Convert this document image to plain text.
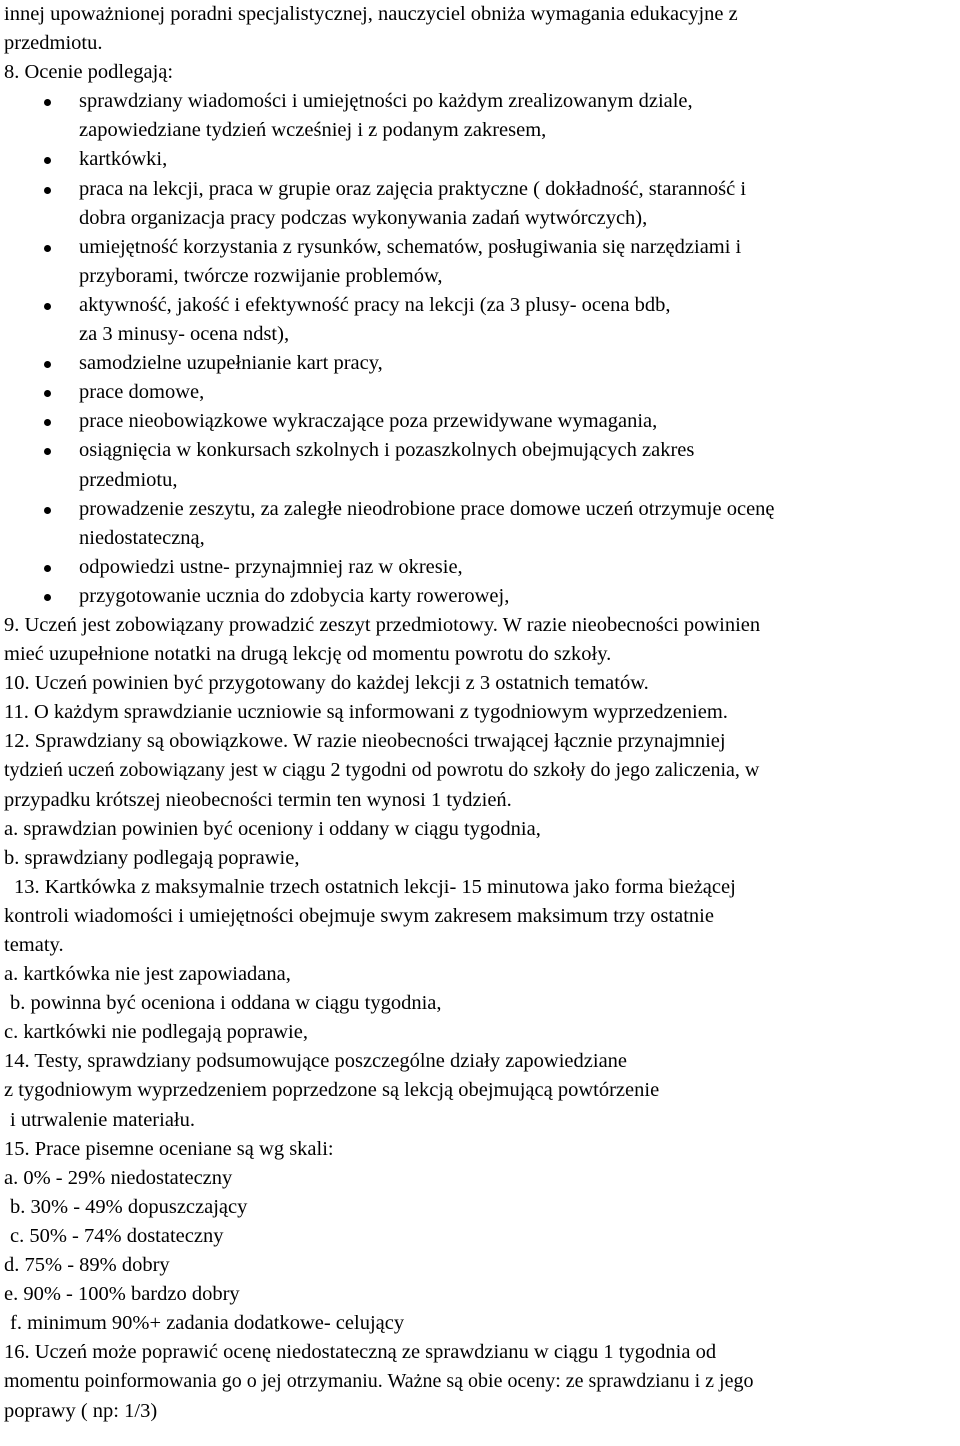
innej upoważnionej poradni specjalistycznej, nauczyciel obniża wymagania edukacyjne z
przedmiotu.
8. Ocenie podlegają:
sprawdziany wiadomości i umiejętności po każdym zrealizowanym dziale,
zapowiedziane tydzień wcześniej i z podanym zakresem,
kartkówki,
praca na lekcji, praca w grupie oraz zajęcia praktyczne ( dokładność, staranność i
dobra organizacja pracy podczas wykonywania zadań wytwórczych),
umiejętność korzystania z rysunków, schematów, posługiwania się narzędziami i
przyborami, twórcze rozwijanie problemów,
aktywność, jakość i efektywność pracy na lekcji (za 3 plusy- ocena bdb,
za 3 minusy- ocena ndst),
samodzielne uzupełnianie kart pracy,
prace domowe,
prace nieobowiązkowe wykraczające poza przewidywane wymagania,
osiągnięcia w konkursach szkolnych i pozaszkolnych obejmujących zakres
przedmiotu,
prowadzenie zeszytu, za zaległe nieodrobione prace domowe uczeń otrzymuje ocenę
niedostateczną,
odpowiedzi ustne- przynajmniej raz w okresie,
przygotowanie ucznia do zdobycia karty rowerowej,
9. Uczeń jest zobowiązany prowadzić zeszyt przedmiotowy. W razie nieobecności powinien
mieć uzupełnione notatki na drugą lekcję od momentu powrotu do szkoły.
10. Uczeń powinien być przygotowany do każdej lekcji z 3 ostatnich tematów.
11. O każdym sprawdzianie uczniowie są informowani z tygodniowym wyprzedzeniem.
12. Sprawdziany są obowiązkowe. W razie nieobecności trwającej łącznie przynajmniej
tydzień uczeń zobowiązany jest w ciągu 2 tygodni od powrotu do szkoły do jego zaliczenia, w
przypadku krótszej nieobecności termin ten wynosi 1 tydzień.
a. sprawdzian powinien być oceniony i oddany w ciągu tygodnia,
b. sprawdziany podlegają poprawie,
13. Kartkówka z maksymalnie trzech ostatnich lekcji- 15 minutowa jako forma bieżącej
kontroli wiadomości i umiejętności obejmuje swym zakresem maksimum trzy ostatnie
tematy.
a. kartkówka nie jest zapowiadana,
b. powinna być oceniona i oddana w ciągu tygodnia,
c. kartkówki nie podlegają poprawie,
14. Testy, sprawdziany podsumowujące poszczególne działy zapowiedziane
z tygodniowym wyprzedzeniem poprzedzone są lekcją obejmującą powtórzenie
i utrwalenie materiału.
15. Prace pisemne oceniane są wg skali:
a. 0% - 29% niedostateczny
b. 30% - 49% dopuszczający
c. 50% - 74% dostateczny
d. 75% - 89% dobry
e. 90% - 100% bardzo dobry
f. minimum 90%+ zadania dodatkowe- celujący
16. Uczeń może poprawić ocenę niedostateczną ze sprawdzianu w ciągu 1 tygodnia od
momentu poinformowania go o jej otrzymaniu. Ważne są obie oceny: ze sprawdzianu i z jego
poprawy ( np: 1/3)
